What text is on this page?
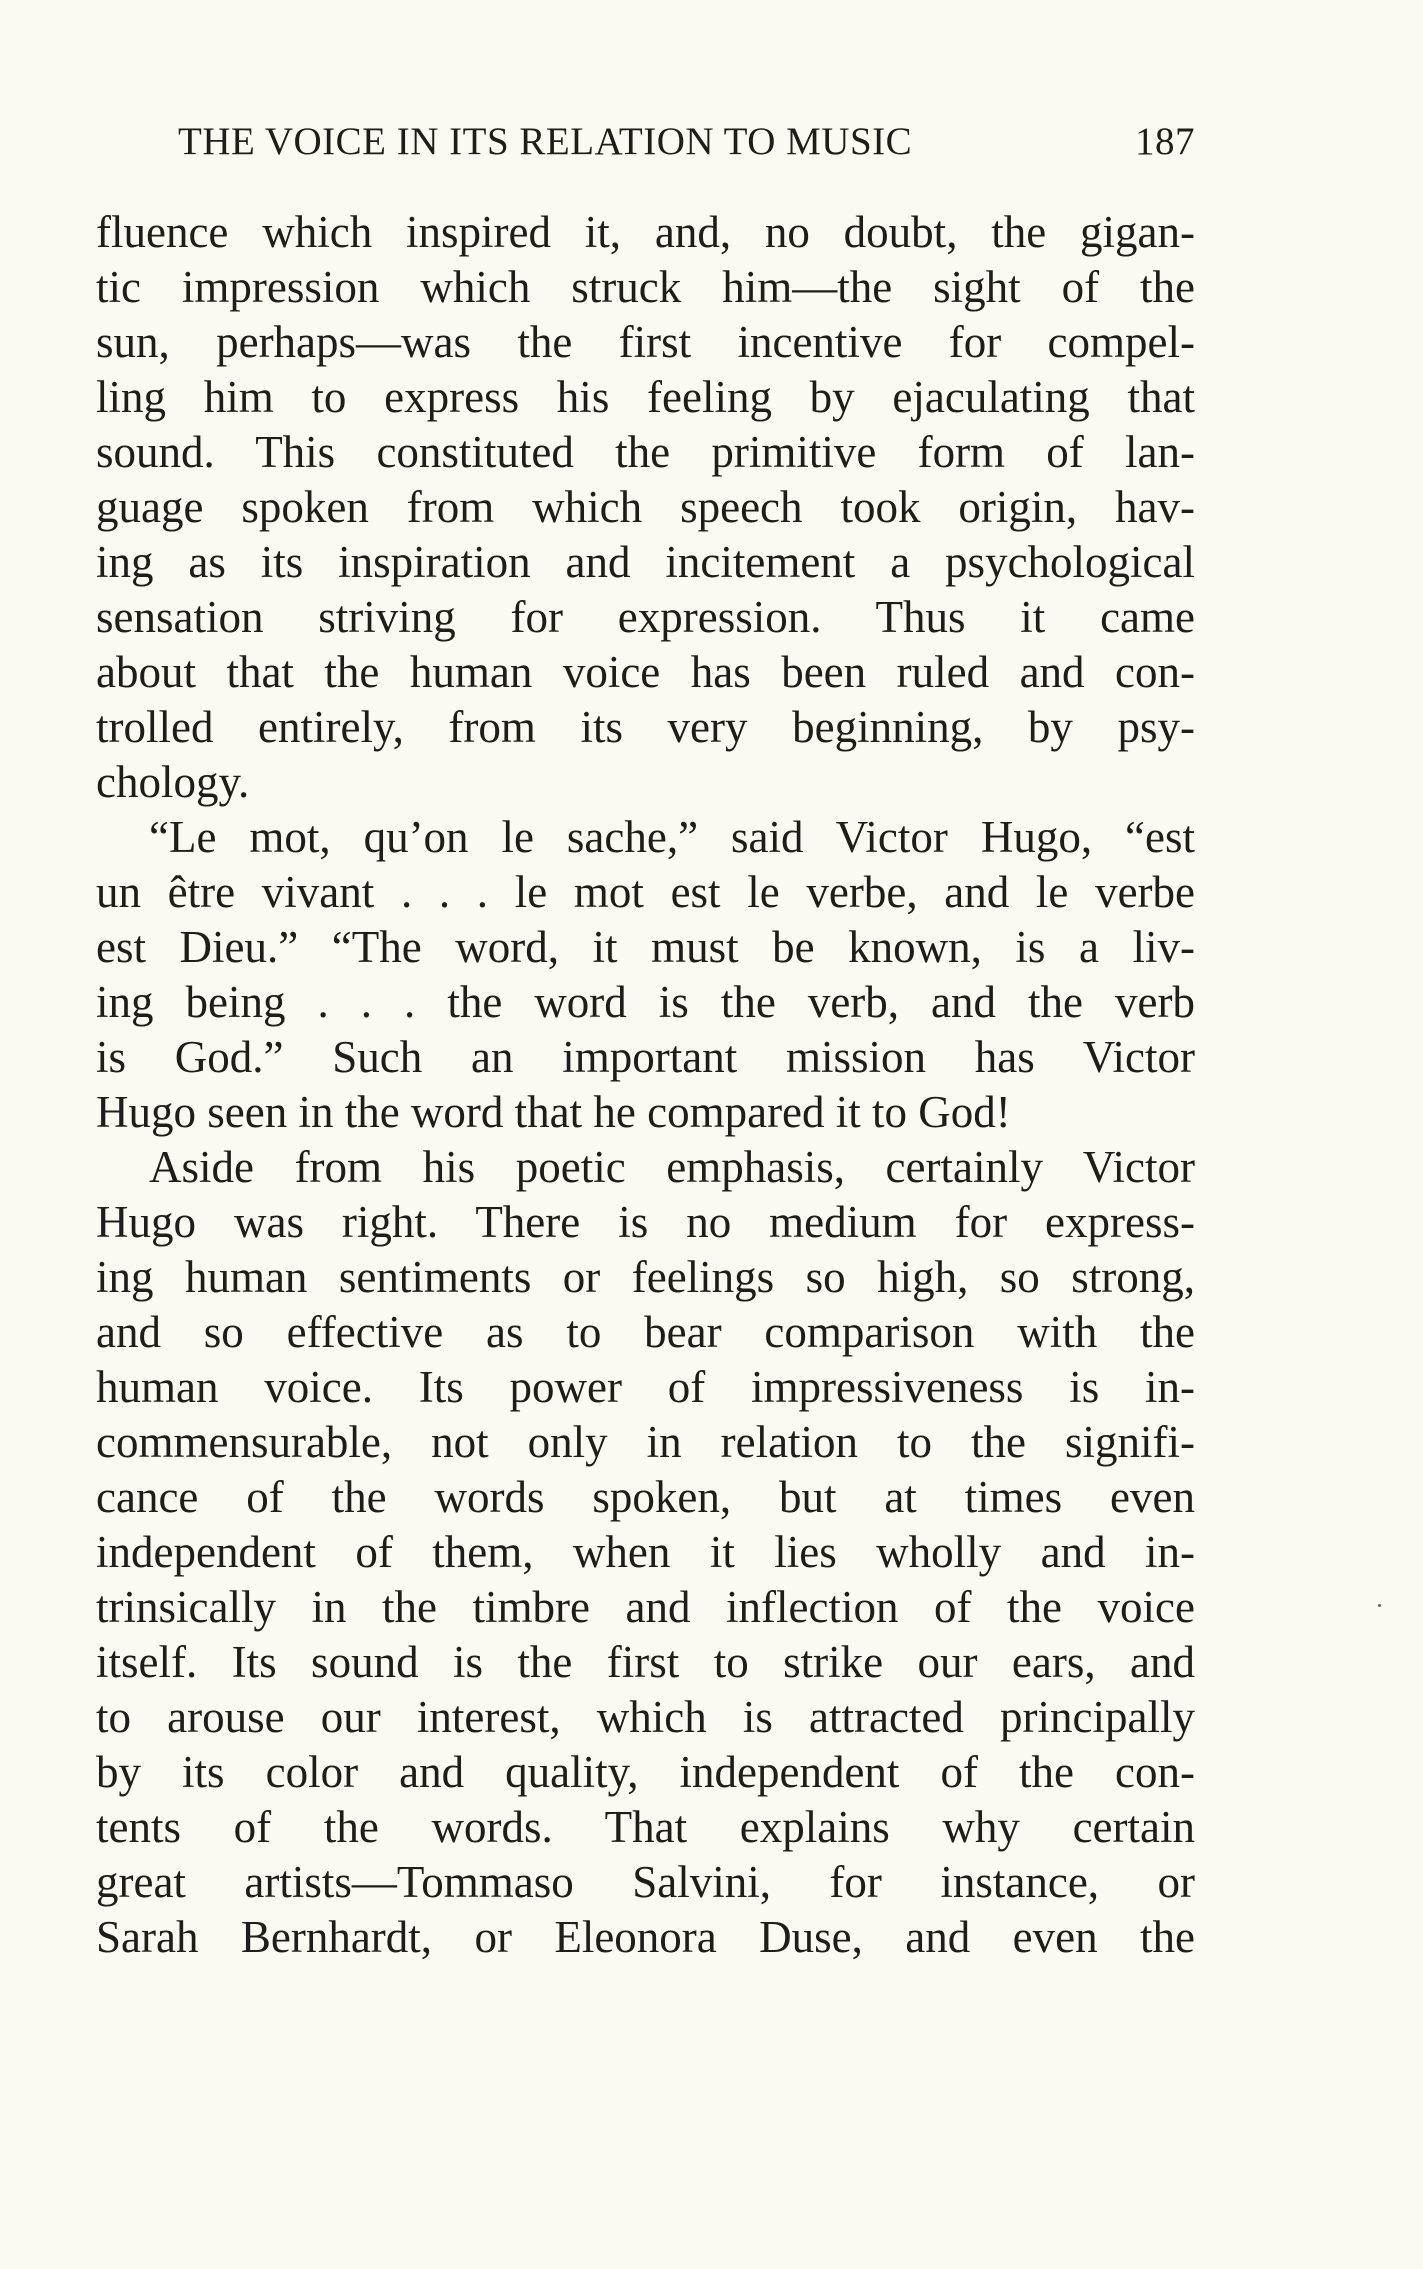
THE VOICE IN ITS RELATION TO MUSIC	187
fluence which inspired it, and, no doubt, the gigan-
tic impression which struck him—the sight of the
sun, perhaps—was the first incentive for compel-
ling him to express his feeling by ejaculating that
sound. This constituted the primitive form of lan-
guage spoken from which speech took origin, hav-
ing as its inspiration and incitement a psychological
sensation striving for expression. Thus it came
about that the human voice has been ruled and con-
trolled entirely, from its very beginning, by psy-
chology.
“Le mot, qu’on le sache,” said Victor Hugo, “est
un être vivant . . . le mot est le verbe, and le verbe
est Dieu.” “The word, it must be known, is a liv-
ing being . . . the word is the verb, and the verb
is God.” Such an important mission has Victor
Hugo seen in the word that he compared it to God!
Aside from his poetic emphasis, certainly Victor
Hugo was right. There is no medium for express-
ing human sentiments or feelings so high, so strong,
and so effective as to bear comparison with the
human voice. Its power of impressiveness is in-
commensurable, not only in relation to the signifi-
cance of the words spoken, but at times even
independent of them, when it lies wholly and in-
trinsically in the timbre and inflection of the voice
itself. Its sound is the first to strike our ears, and
to arouse our interest, which is attracted principally
by its color and quality, independent of the con-
tents of the words. That explains why certain
great artists—Tommaso Salvini, for instance, or
Sarah Bernhardt, or Eleonora Duse, and even the
